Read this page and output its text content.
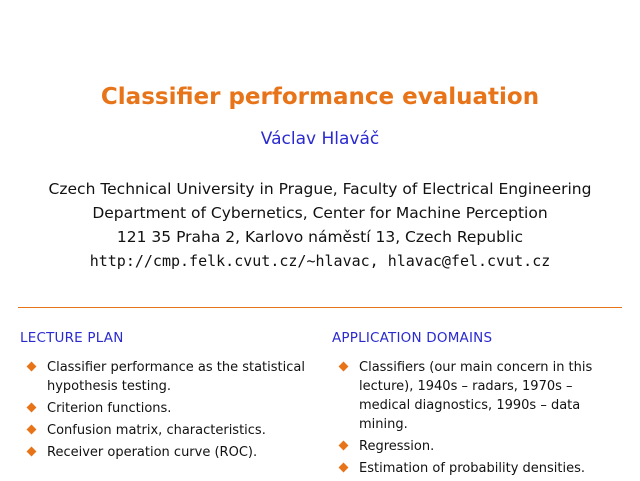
Classifier performance evaluation
Václav Hlaváč
Czech Technical University in Prague, Faculty of Electrical Engineering
Department of Cybernetics, Center for Machine Perception
121 35 Praha 2, Karlovo náměstí 13, Czech Republic
http://cmp.felk.cvut.cz/~hlavac, hlavac@fel.cvut.cz
LECTURE PLAN
Classifier performance as the statistical hypothesis testing.
Criterion functions.
Confusion matrix, characteristics.
Receiver operation curve (ROC).
APPLICATION DOMAINS
Classifiers (our main concern in this lecture), 1940s – radars, 1970s – medical diagnostics, 1990s – data mining.
Regression.
Estimation of probability densities.
